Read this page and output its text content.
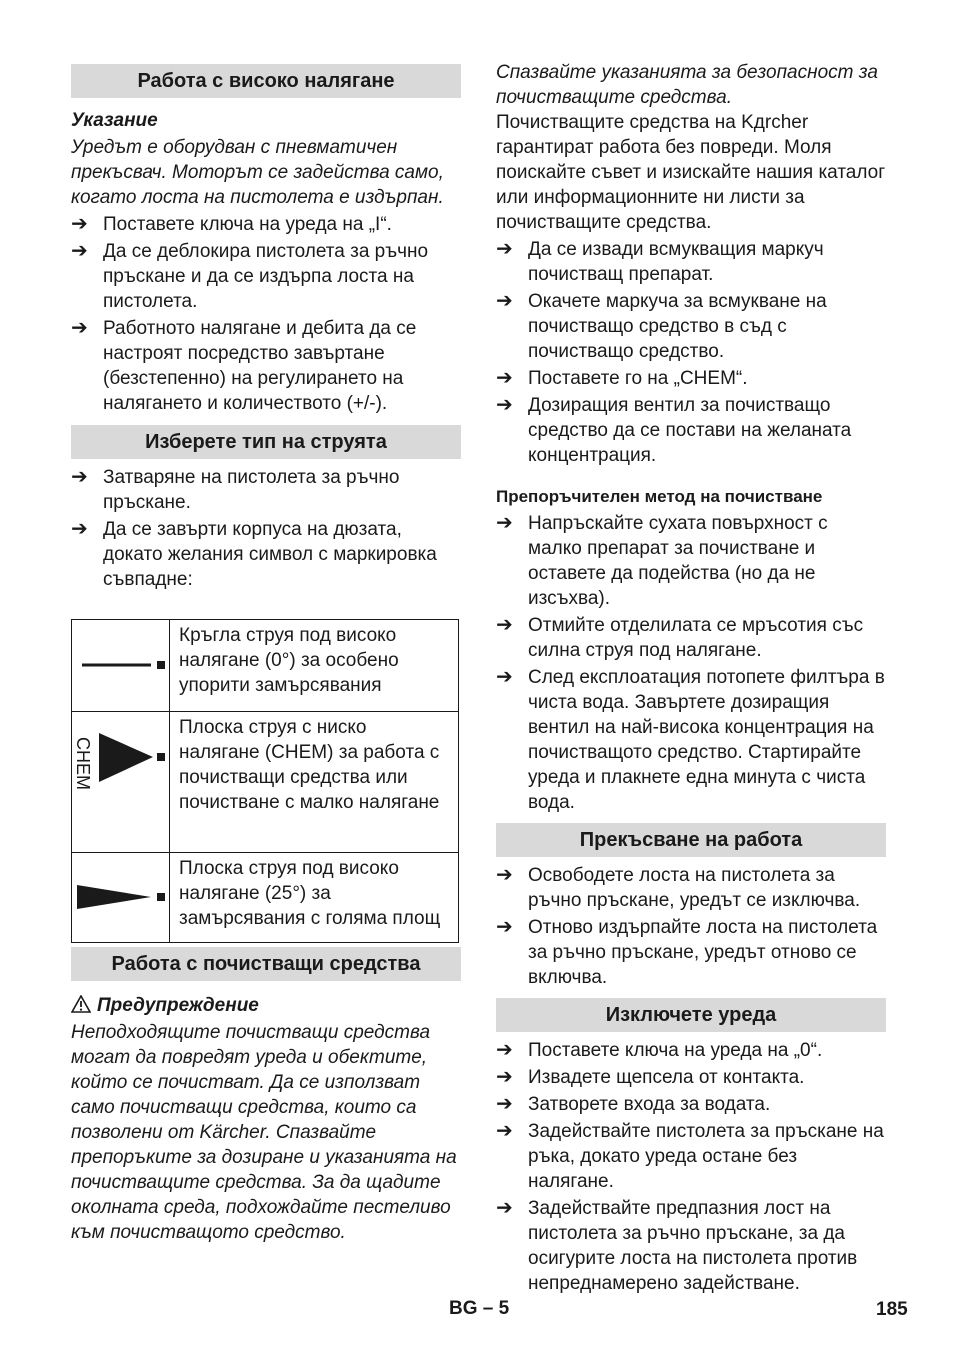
Работа с високо налягане
Указание

Уредът е оборудван с пневматичен прекъсвач. Моторът се задейства само, когато лоста на пистолета е издърпан.

➔ Поставете ключа на уреда на „I“.
➔ Да се деблокира пистолета за ръчно пръскане и да се издърпа лоста на пистолета.
➔ Работното налягане и дебита да се настроят посредство завъртане (безстепенно) на регулирането на налягането и количеството (+/-).
Изберете тип на струята
➔ Затваряне на пистолета за ръчно пръскане.
➔ Да се завърти корпуса на дюзата, докато желания символ с маркировка съвпадне:
	Кръгла струя под високо налягане (0°) за особено упорити замърсявания

CHEM	Плоска струя с ниско налягане (CHEM) за работа с почистващи средства или почистване с малко налягане

	Плоска струя под високо налягане (25°) за замърсявания с голяма площ
Работа с почистващи средства
Предупреждение

Неподходящите почистващи средства могат да повредят уреда и обектите, който се почистват. Да се използват само почистващи средства, които са позволени от Kärcher. Спазвайте препоръките за дозиране и указанията на почистващите средства. За да щадите околната среда, подхождайте пестеливо към почистващото средство.

Спазвайте указанията за безопасност за почистващите средства.

Почистващите средства на Kдrcher гарантират работа без повреди. Моля поискайте съвет и изискайте нашия каталог или информационните ни листи за почистващите средства.

➔ Да се извади всмукващия маркуч почистващ препарат.
➔ Окачете маркуча за всмукване на почистващо средство в съд с почистващо средство.
➔ Поставете го на „CHEM“.
➔ Дозиращия вентил за почистващо средство да се постави на желаната концентрация.
Препоръчителен метод на почистване
➔ Напръскайте сухата повърхност с малко препарат за почистване и оставете да подейства (но да не изсъхва).
➔ Отмийте отделилата се мръсотия със силна струя под налягане.
➔ След експлоатация потопете филтъра в чиста вода. Завъртете дозиращия вентил на най-висока концентрация на почистващото средство. Стартирайте уреда и плакнете една минута с чиста вода.
Прекъсване на работа
➔ Освободете лоста на пистолета за ръчно пръскане, уредът се изключва.
➔ Отново издърпайте лоста на пистолета за ръчно пръскане, уредът отново се включва.
Изключете уреда
➔ Поставете ключа на уреда на „0“.
➔ Извадете щепсела от контакта.
➔ Затворете входа за водата.
➔ Задействайте пистолета за пръскане на ръка, докато уреда остане без налягане.
➔ Задействайте предпазния лост на пистолета за ръчно пръскане, за да осигурите лоста на пистолета против непреднамерено задействане.
BG – 5	185
